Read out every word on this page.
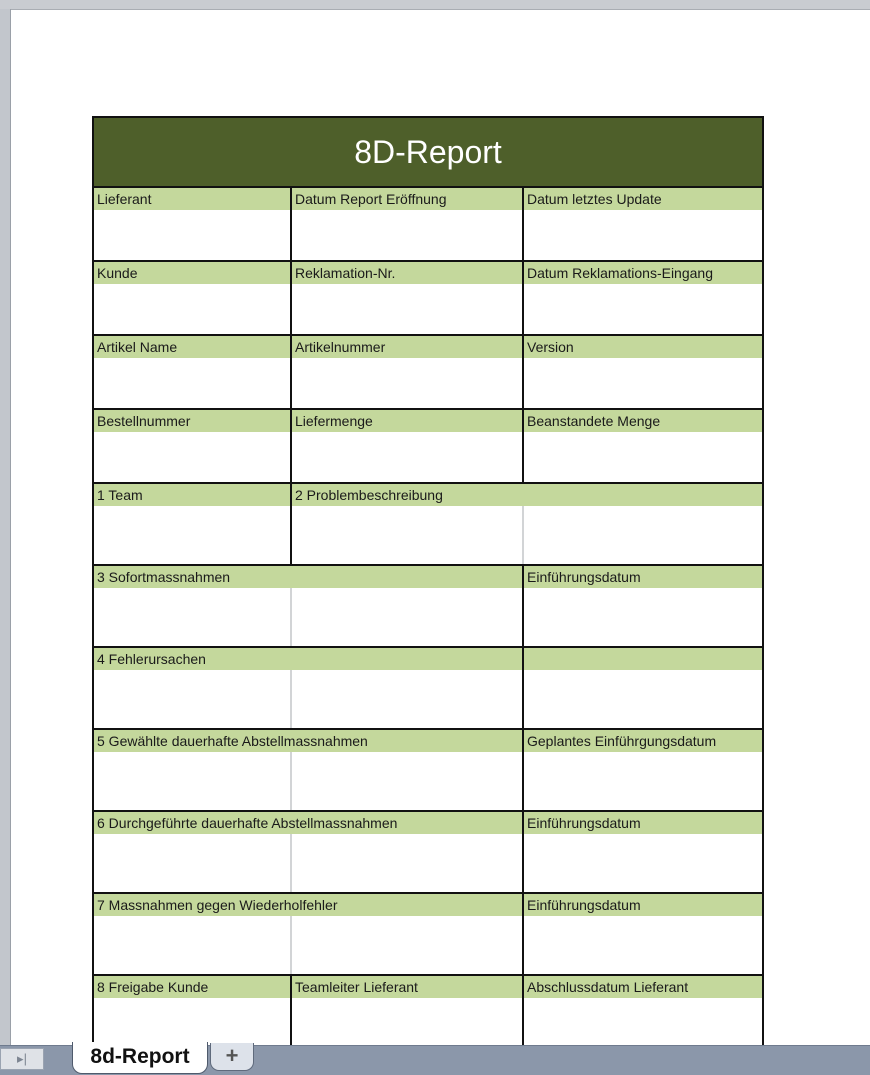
8D-Report
Lieferant	Datum Report Eröffnung	Datum letztes Update
Kunde	Reklamation-Nr.	Datum Reklamations-Eingang
Artikel Name	Artikelnummer	Version
Bestellnummer	Liefermenge	Beanstandete Menge
1 Team	2 Problembeschreibung
3 Sofortmassnahmen	Einführungsdatum
4 Fehlerursachen
5 Gewählte dauerhafte Abstellmassnahmen	Geplantes Einführgungsdatum
6 Durchgeführte dauerhafte Abstellmassnahmen	Einführungsdatum
7 Massnahmen gegen Wiederholfehler	Einführungsdatum
8 Freigabe Kunde	Teamleiter Lieferant	Abschlussdatum Lieferant
▸|	8d-Report	+
